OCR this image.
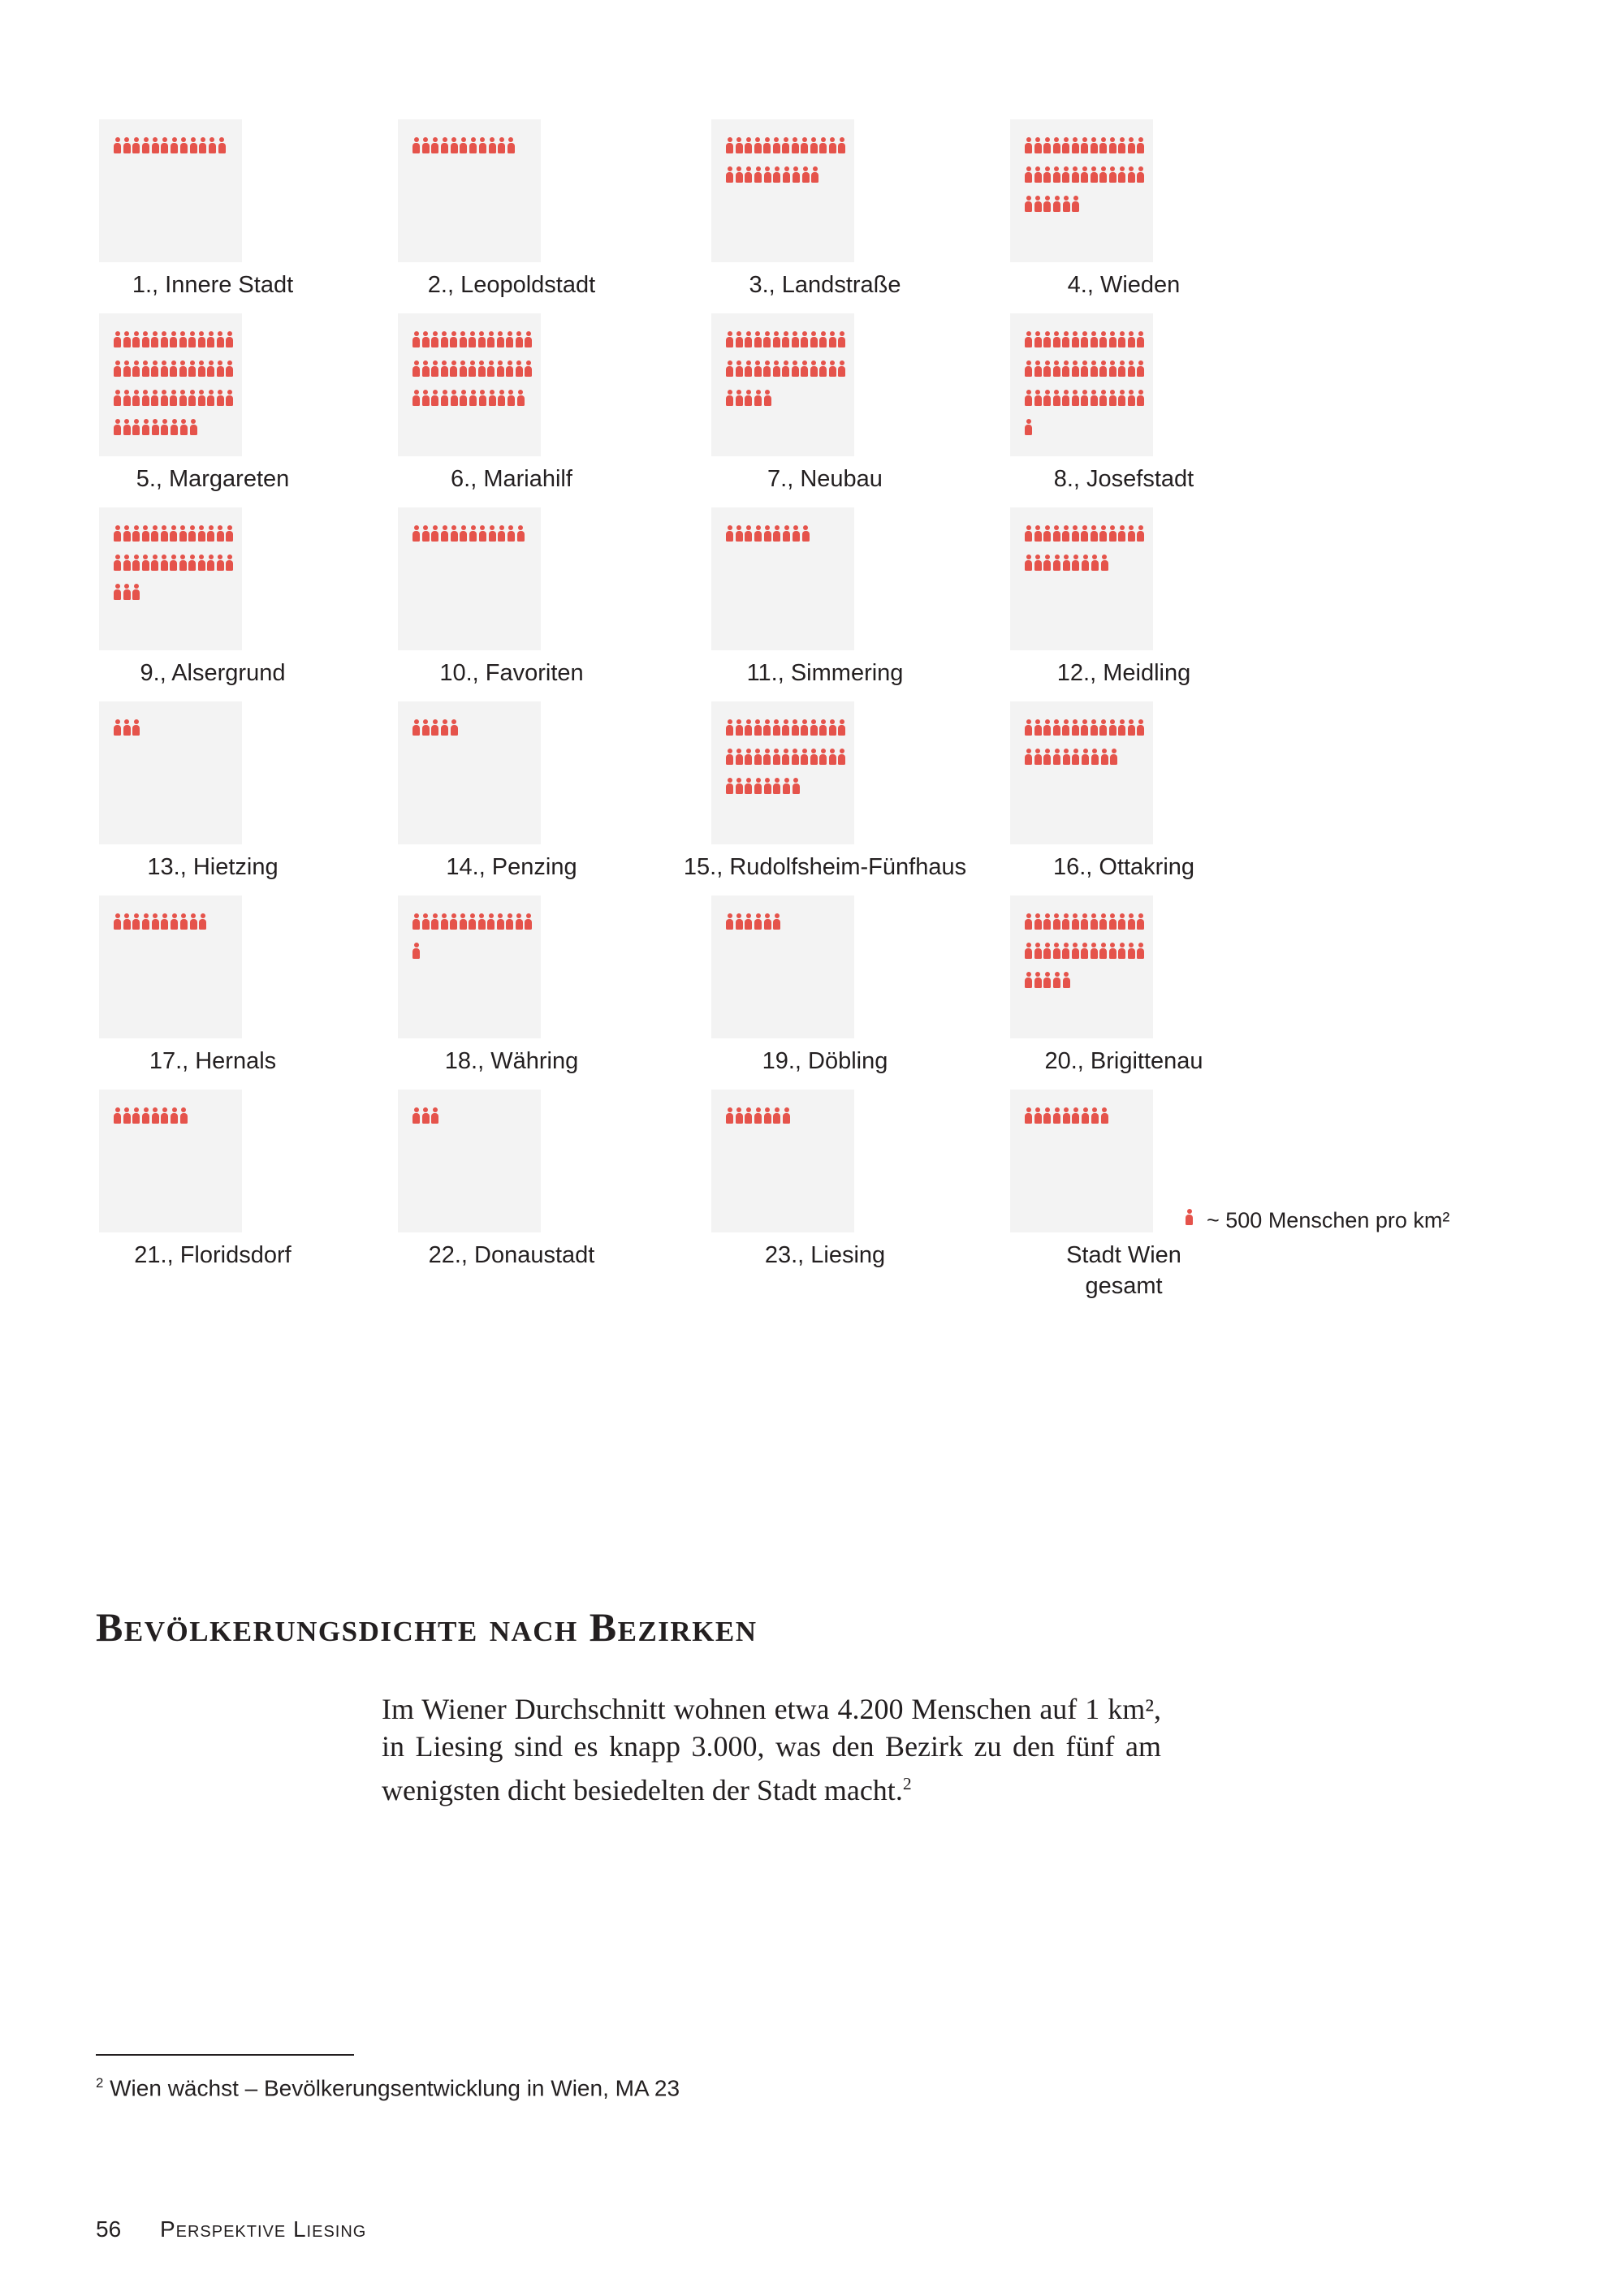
1., Innere Stadt	2., Leopoldstadt	3., Landstraße	4., Wieden
5., Margareten	6., Mariahilf	7., Neubau	8., Josefstadt
9., Alsergrund	10., Favoriten	11., Simmering	12., Meidling
13., Hietzing	14., Penzing	15., Rudolfsheim-Fünfhaus	16., Ottakring
17., Hernals	18., Währing	19., Döbling	20., Brigittenau
21., Floridsdorf	22., Donaustadt	23., Liesing	Stadt Wien
gesamt
~ 500 Menschen pro km²
Bevölkerungsdichte nach Bezirken

Im Wiener Durchschnitt wohnen etwa 4.200 Menschen auf 1 km², in Liesing sind es knapp 3.000, was den Bezirk zu den fünf am wenigsten dicht besiedelten der Stadt macht.$^2$

$^2$ Wien wächst – Bevölkerungsentwicklung in Wien, MA 23
56 Perspektive Liesing
